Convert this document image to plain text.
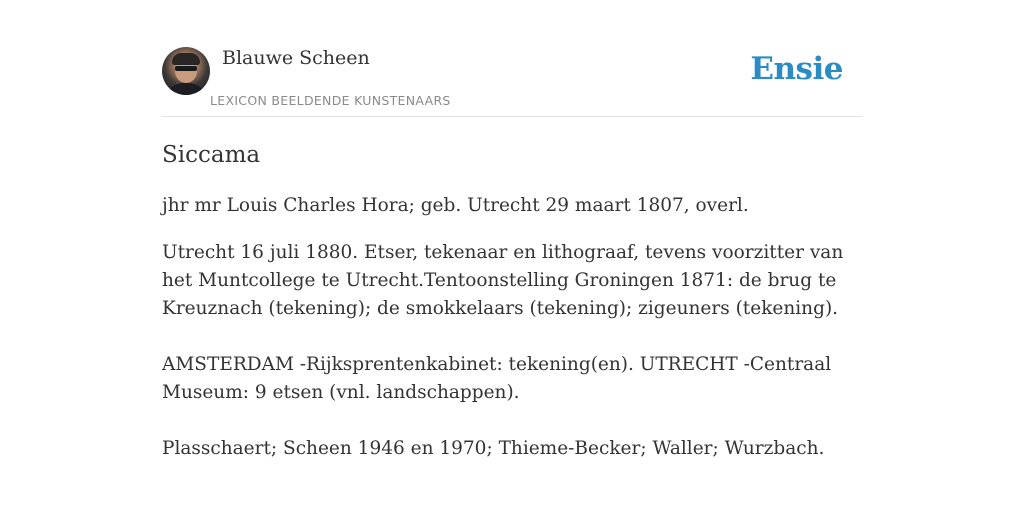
Blauwe Scheen
LEXICON BEELDENDE KUNSTENAARS
Ensie
Siccama

jhr mr Louis Charles Hora; geb. Utrecht 29 maart 1807, overl.

Utrecht 16 juli 1880. Etser, tekenaar en lithograaf, tevens voorzitter van het Muntcollege te Utrecht.Tentoonstelling Groningen 1871: de brug te Kreuznach (tekening); de smokkelaars (tekening); zigeuners (tekening).

AMSTERDAM -Rijksprentenkabinet: tekening(en). UTRECHT -Centraal Museum: 9 etsen (vnl. landschappen).

Plasschaert; Scheen 1946 en 1970; Thieme-Becker; Waller; Wurzbach.
